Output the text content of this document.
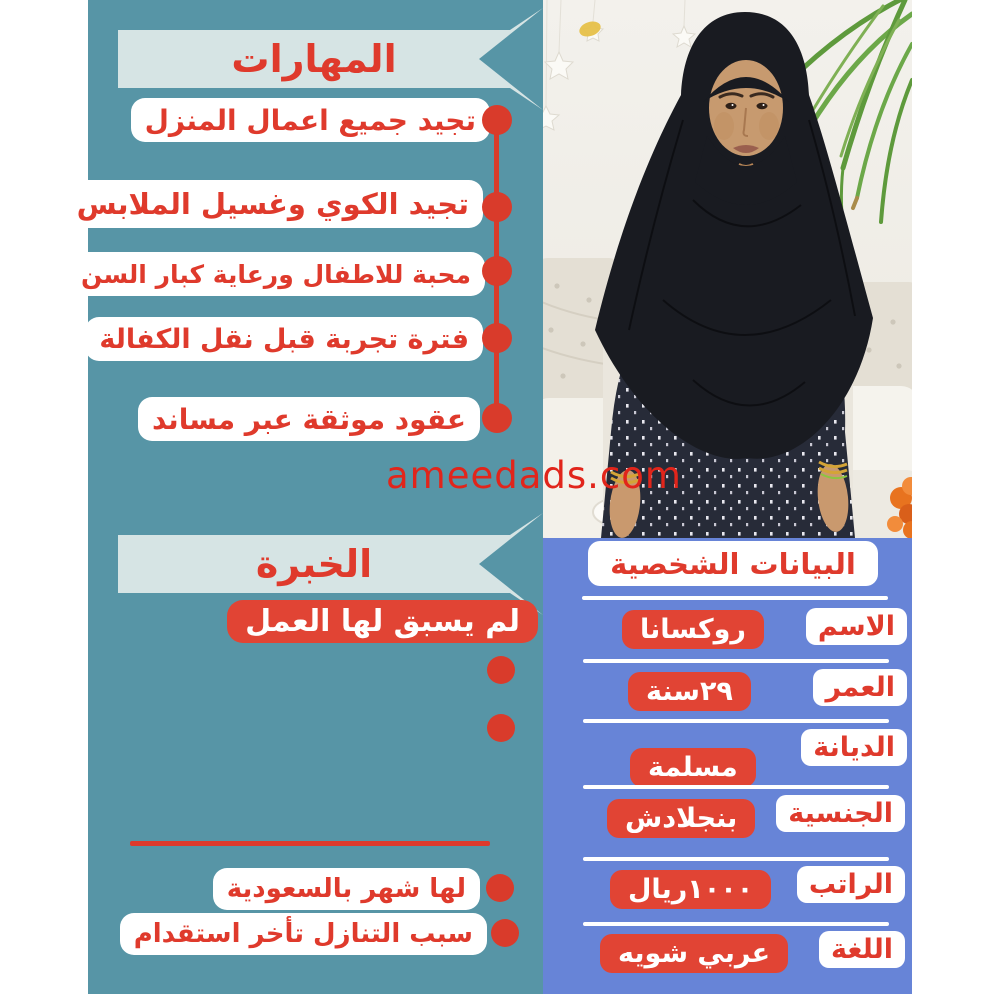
المهارات
تجيد جميع اعمال المنزل
تجيد الكوي وغسيل الملابس
محبة للاطفال ورعاية كبار السن
فترة تجربة قبل نقل الكفالة
عقود موثقة عبر مساند
الخبرة
لم يسبق لها العمل
لها شهر بالسعودية
سبب التنازل تأخر استقدام
ameedads.com
البيانات الشخصية
الاسم
روكسانا
العمر
٢٩سنة
الديانة
مسلمة
الجنسية
بنجلادش
الراتب
١٠٠٠ريال
اللغة
عربي شويه
